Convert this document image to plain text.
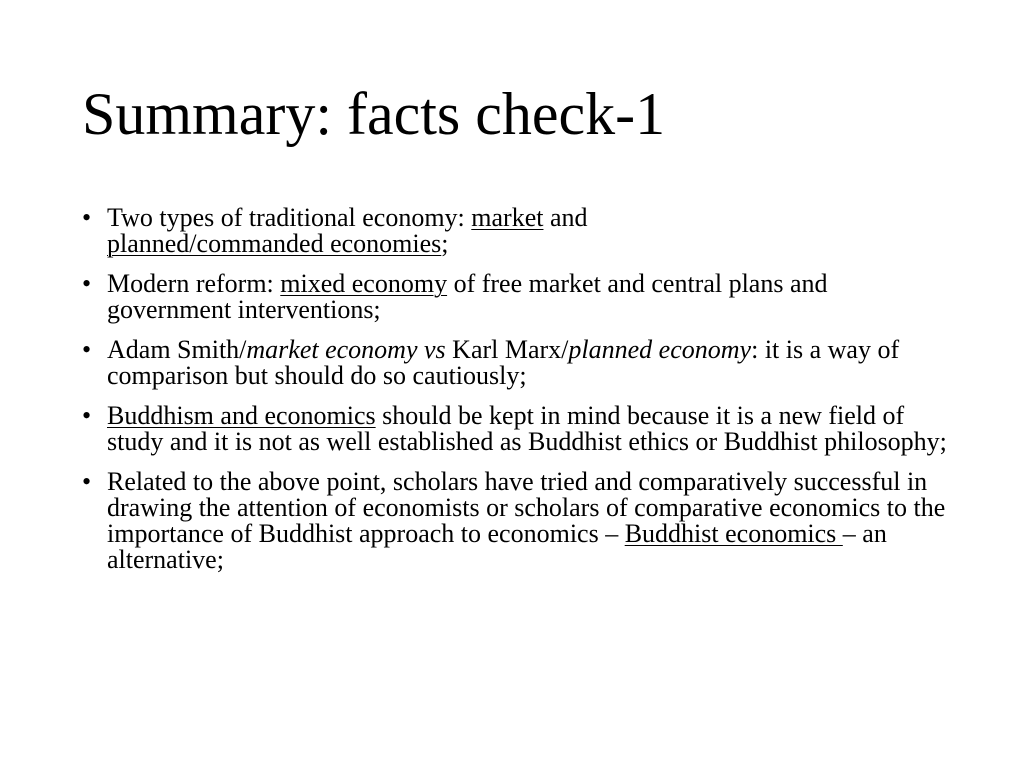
Summary: facts check-1
• Two types of traditional economy: market and
planned/commanded economies;
• Modern reform: mixed economy of free market and central plans and government interventions;
• Adam Smith/market economy vs Karl Marx/planned economy: it is a way of comparison but should do so cautiously;
• Buddhism and economics should be kept in mind because it is a new field of study and it is not as well established as Buddhist ethics or Buddhist philosophy;
• Related to the above point, scholars have tried and comparatively successful in drawing the attention of economists or scholars of comparative economics to the importance of Buddhist approach to economics – Buddhist economics – an alternative;
